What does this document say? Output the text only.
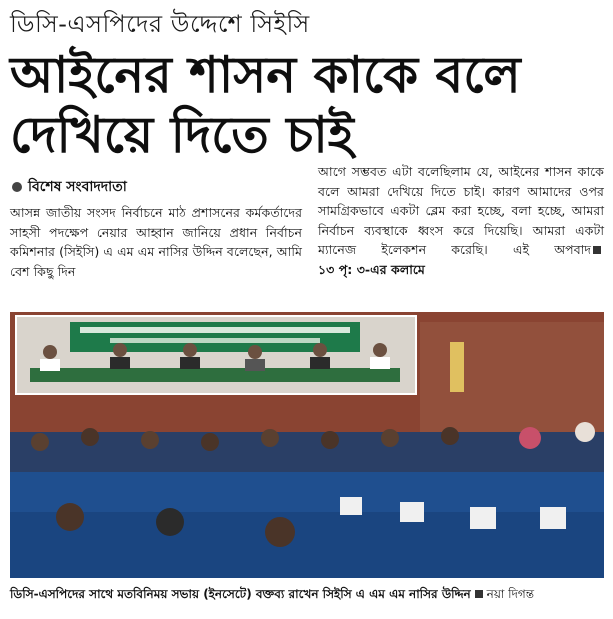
ডিসি-এসপিদের উদ্দেশে সিইসি
আইনের শাসন কাকে বলে
দেখিয়ে দিতে চাই
বিশেষ সংবাদদাতা
আসন্ন জাতীয় সংসদ নির্বাচনে মাঠ প্রশাসনের কর্মকর্তাদের সাহসী পদক্ষেপ নেয়ার আহ্বান জানিয়ে প্রধান নির্বাচন কমিশনার (সিইসি) এ এম এম নাসির উদ্দিন বলেছেন, আমি বেশ কিছু দিন
আগে সম্ভবত এটা বলেছিলাম যে, আইনের শাসন কাকে বলে আমরা দেখিয়ে দিতে চাই। কারণ আমাদের ওপর সামগ্রিকভাবে একটা ব্লেম করা হচ্ছে, বলা হচ্ছে, আমরা নির্বাচন ব্যবস্থাকে ধ্বংস করে দিয়েছি। আমরা একটা ম্যানেজ ইলেকশন করেছি। এই অপবাদ১৩ পৃ: ৩-এর কলামে
ডিসি-এসপিদের সাথে মতবিনিময় সভায় (ইনসেটে) বক্তব্য রাখেন সিইসি এ এম এম নাসির উদ্দিন নয়া দিগন্ত
